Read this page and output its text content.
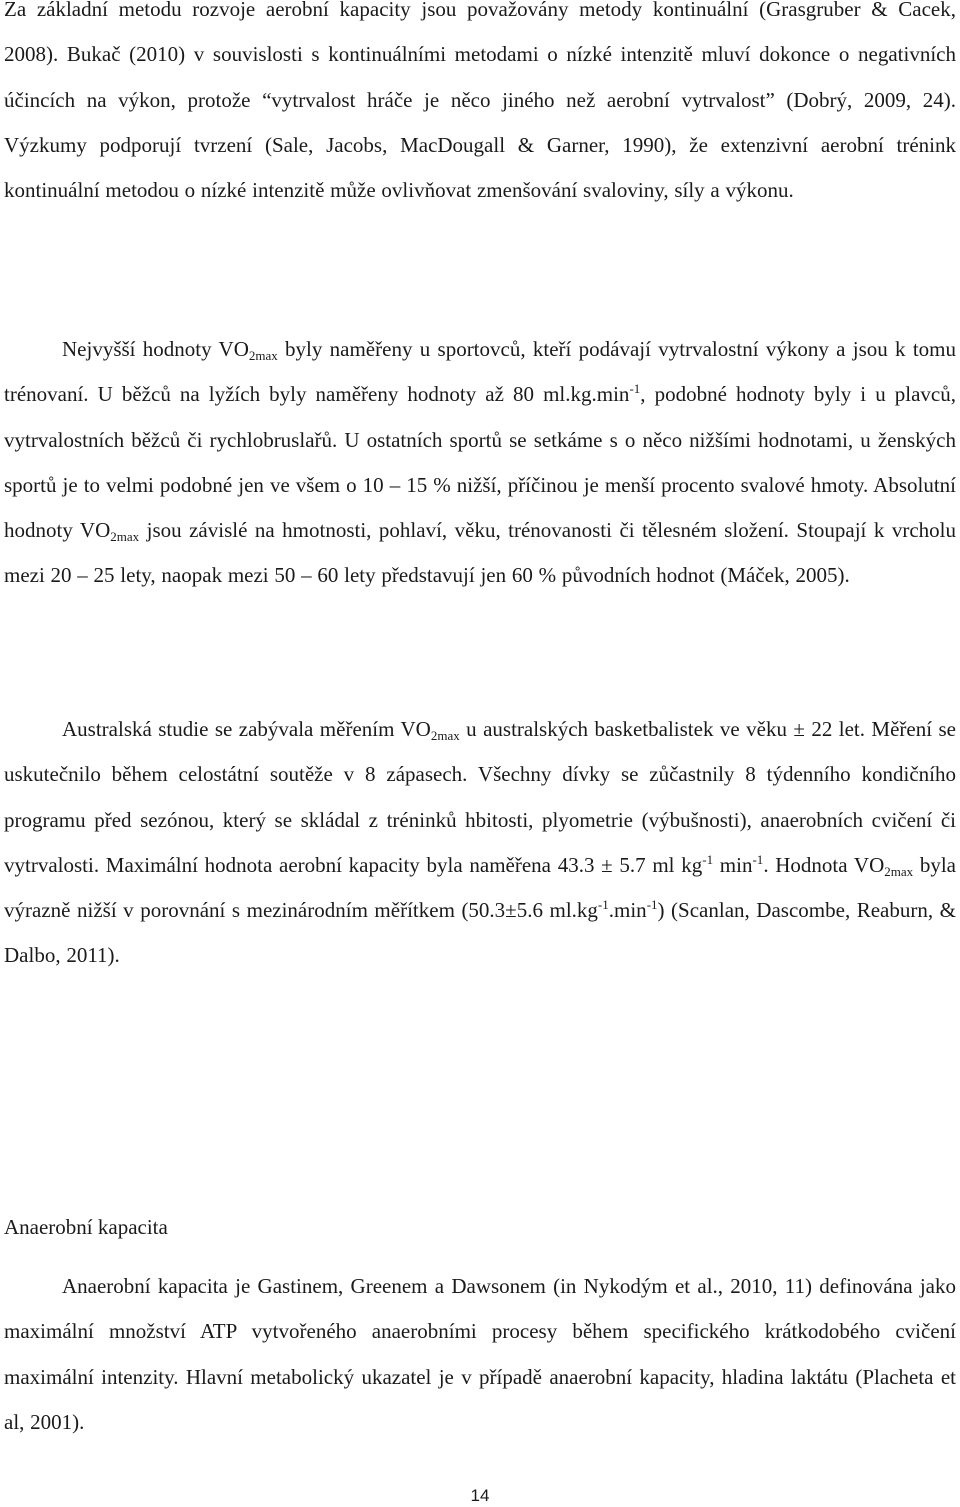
Za základní metodu rozvoje aerobní kapacity jsou považovány metody kontinuální (Grasgruber & Cacek, 2008). Bukač (2010) v souvislosti s kontinuálními metodami o nízké intenzitě mluví dokonce o negativních účincích na výkon, protože “vytrvalost hráče je něco jiného než aerobní vytrvalost” (Dobrý, 2009, 24). Výzkumy podporují tvrzení (Sale, Jacobs, MacDougall & Garner, 1990), že extenzivní aerobní trénink kontinuální metodou o nízké intenzitě může ovlivňovat zmenšování svaloviny, síly a výkonu.

Nejvyšší hodnoty $VO_{2max}$ byly naměřeny u sportovců, kteří podávají vytrvalostní výkony a jsou k tomu trénovaní. U běžců na lyžích byly naměřeny hodnoty až 80 $ml.kg.\min^{-1}$, podobné hodnoty byly i u plavců, vytrvalostních běžců či rychlobruslařů. U ostatních sportů se setkáme s o něco nižšími hodnotami, u ženských sportů je to velmi podobné jen ve všem o 10 – 15 % nižší, příčinou je menší procento svalové hmoty. Absolutní hodnoty $VO_{2max}$ jsou závislé na hmotnosti, pohlaví, věku, trénovanosti či tělesném složení. Stoupají k vrcholu mezi 20 – 25 lety, naopak mezi 50 – 60 lety představují jen 60 % původních hodnot (Máček, 2005).

Australská studie se zabývala měřením $VO_{2max}$ u australských basketbalistek ve věku ± 22 let. Měření se uskutečnilo během celostátní soutěže v 8 zápasech. Všechny dívky se zůčastnily 8 týdenního kondičního programu před sezónou, který se skládal z tréninků hbitosti, plyometrie (výbušnosti), anaerobních cvičení či vytrvalosti. Maximální hodnota aerobní kapacity byla naměřena 43.3 ± 5.7 ml $kg^{-1}$ $\min^{-1}$. Hodnota $VO_{2max}$ byla výrazně nižší v porovnání s mezinárodním měřítkem (50.3±5.6 $ml.kg^{-1}.\min^{-1}$) (Scanlan, Dascombe, Reaburn, & Dalbo, 2011).

Anaerobní kapacita

Anaerobní kapacita je Gastinem, Greenem a Dawsonem (in Nykodým et al., 2010, 11) definována jako maximální množství ATP vytvořeného anaerobními procesy během specifického krátkodobého cvičení maximální intenzity. Hlavní metabolický ukazatel je v případě anaerobní kapacity, hladina laktátu (Placheta et al, 2001).

14
